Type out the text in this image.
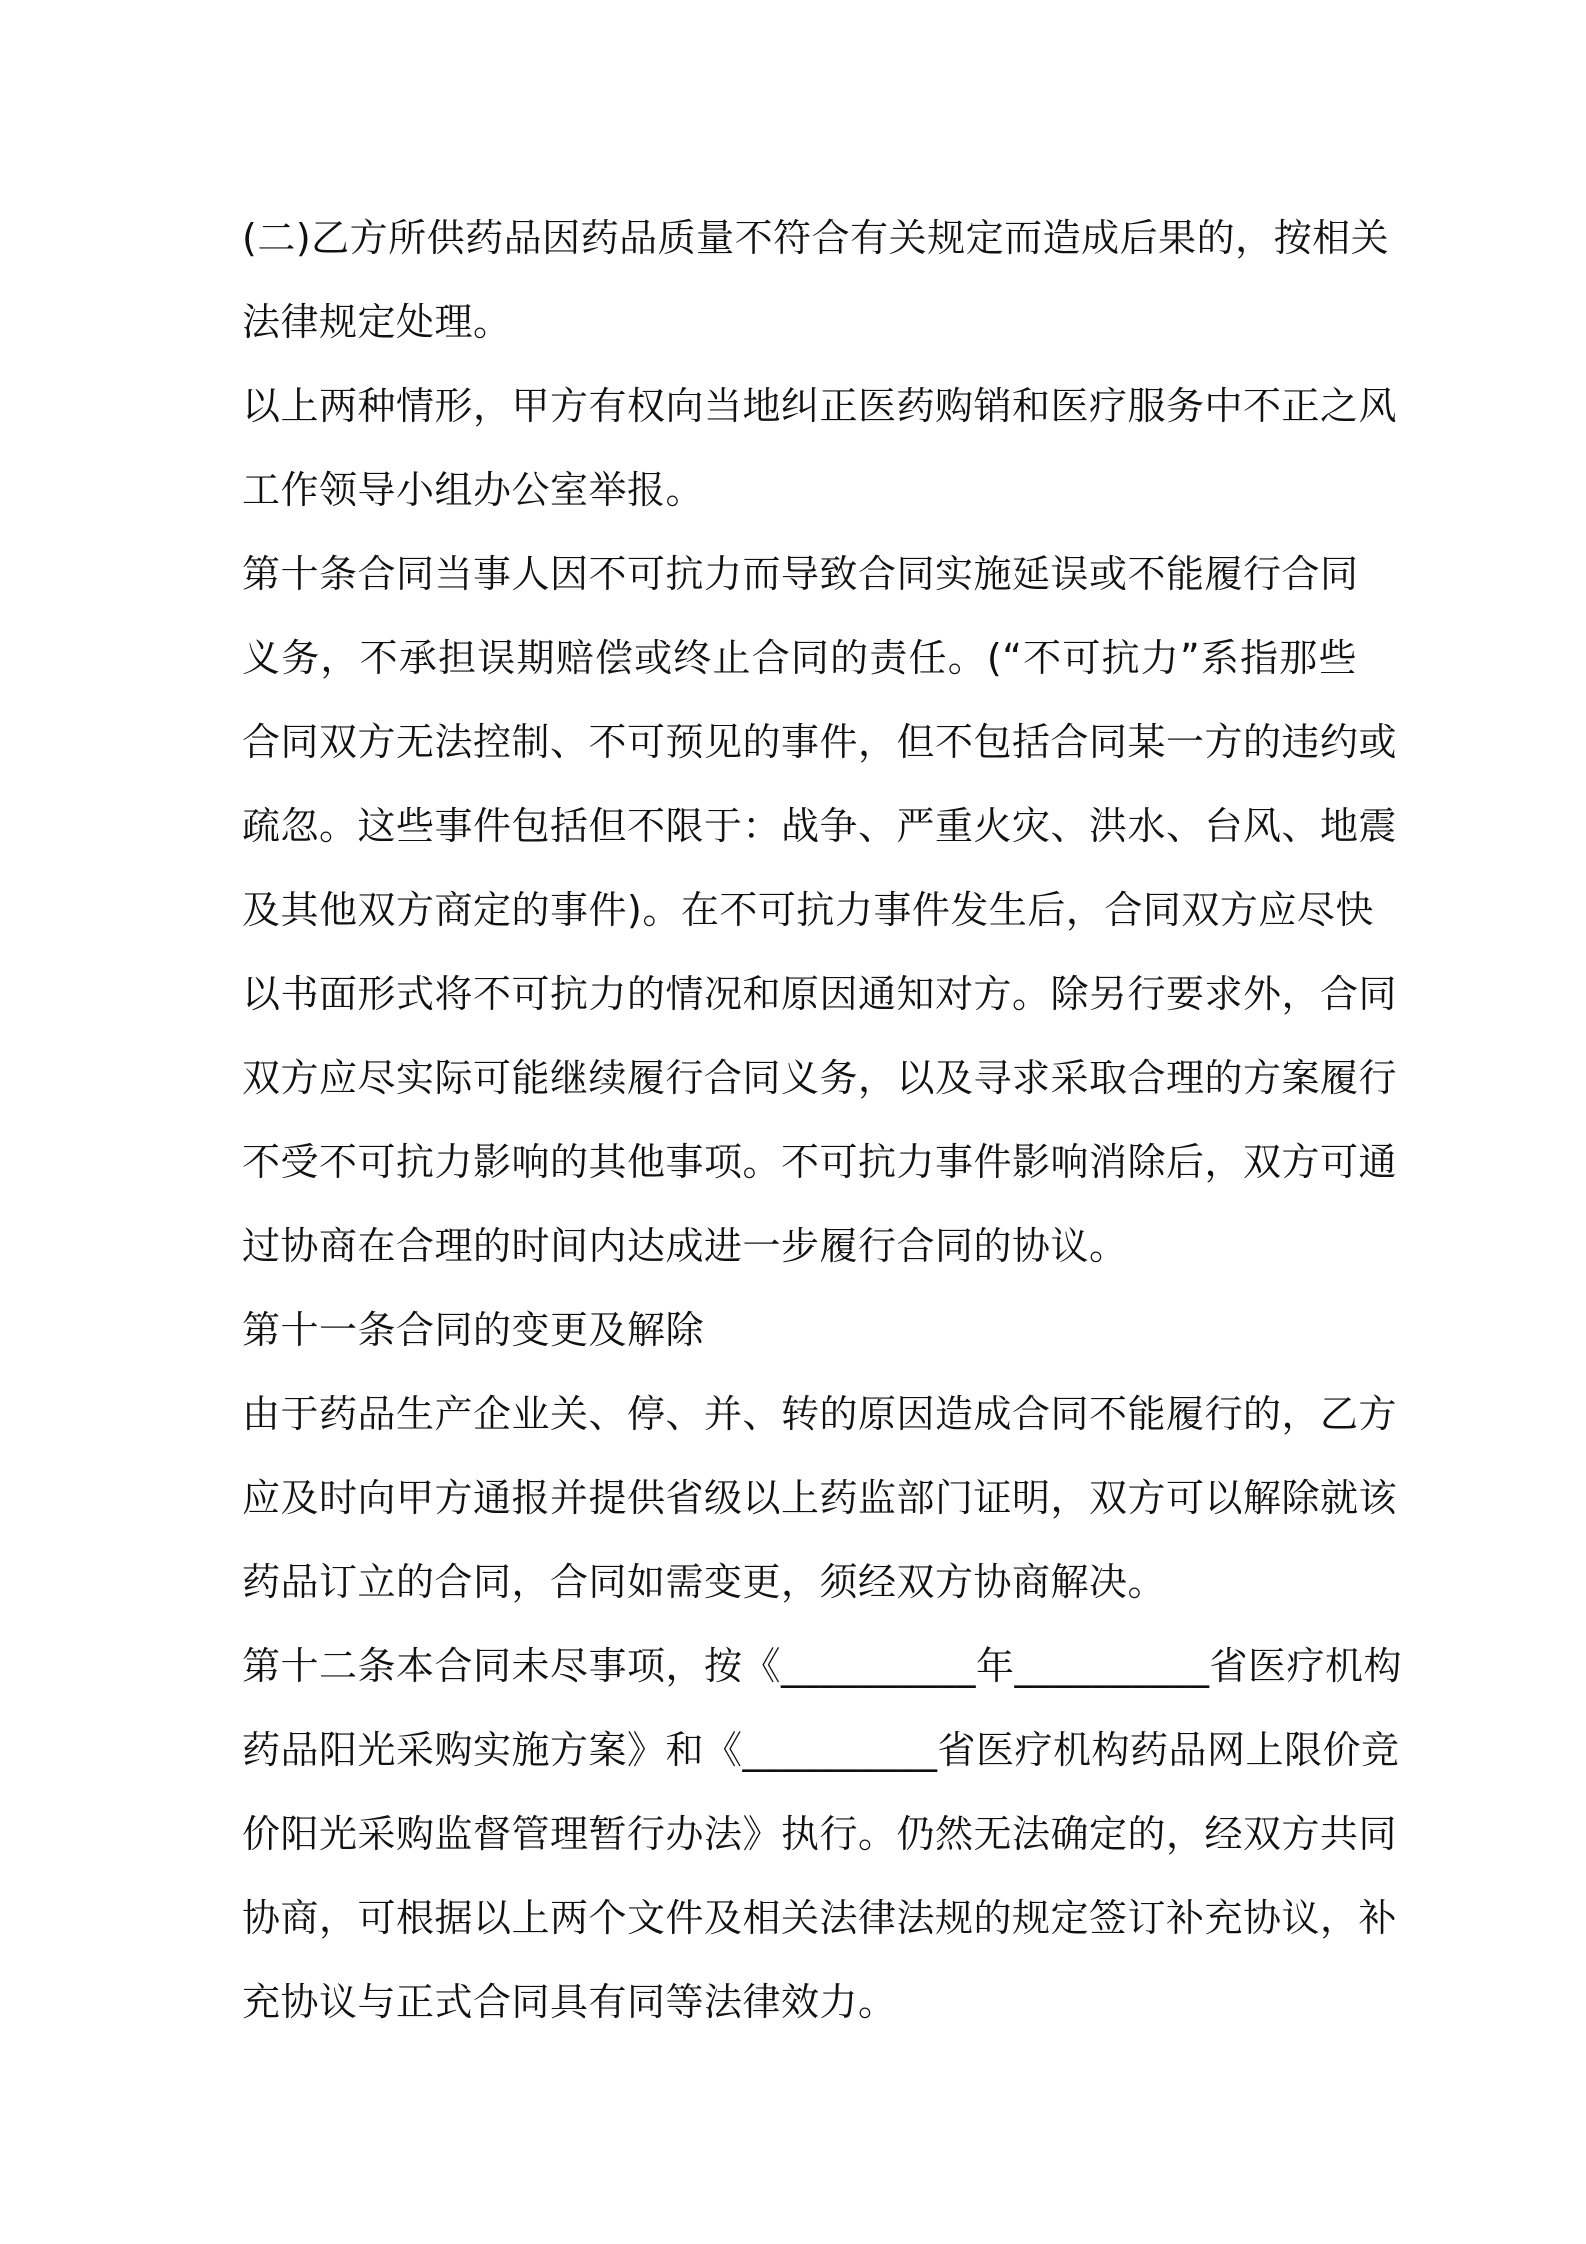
(二)乙方所供药品因药品质量不符合有关规定而造成后果的，按相关
法律规定处理。

以上两种情形，甲方有权向当地纠正医药购销和医疗服务中不正之风
工作领导小组办公室举报。

第十条合同当事人因不可抗力而导致合同实施延误或不能履行合同
义务，不承担误期赔偿或终止合同的责任。(“不可抗力”系指那些
合同双方无法控制、不可预见的事件，但不包括合同某一方的违约或
疏忽。这些事件包括但不限于：战争、严重火灾、洪水、台风、地震
及其他双方商定的事件)。在不可抗力事件发生后，合同双方应尽快
以书面形式将不可抗力的情况和原因通知对方。除另行要求外，合同
双方应尽实际可能继续履行合同义务，以及寻求采取合理的方案履行
不受不可抗力影响的其他事项。不可抗力事件影响消除后，双方可通
过协商在合理的时间内达成进一步履行合同的协议。

第十一条合同的变更及解除

由于药品生产企业关、停、并、转的原因造成合同不能履行的，乙方
应及时向甲方通报并提供省级以上药监部门证明，双方可以解除就该
药品订立的合同，合同如需变更，须经双方协商解决。

第十二条本合同未尽事项，按《__________年__________省医疗机构
药品阳光采购实施方案》和《__________省医疗机构药品网上限价竞
价阳光采购监督管理暂行办法》执行。仍然无法确定的，经双方共同
协商，可根据以上两个文件及相关法律法规的规定签订补充协议，补
充协议与正式合同具有同等法律效力。
